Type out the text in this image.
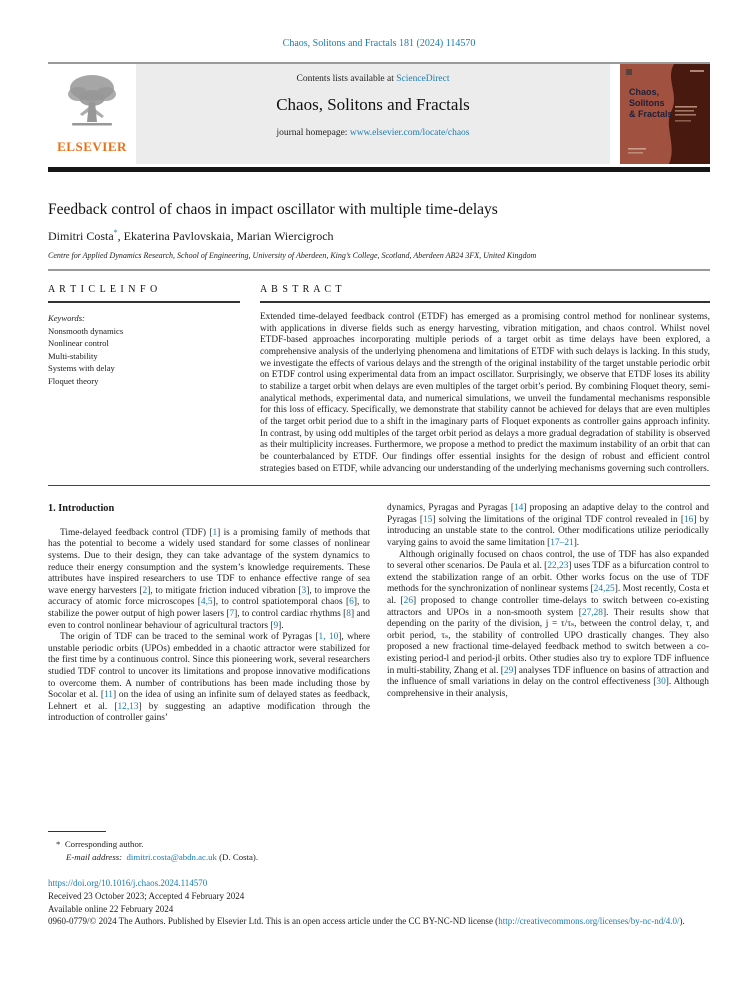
Chaos, Solitons and Fractals 181 (2024) 114570
ELSEVIER
Contents lists available at ScienceDirect
Chaos, Solitons and Fractals
journal homepage: www.elsevier.com/locate/chaos
Chaos,
Solitons
& Fractals
Feedback control of chaos in impact oscillator with multiple time-delays
Dimitri Costa*, Ekaterina Pavlovskaia, Marian Wiercigroch
Centre for Applied Dynamics Research, School of Engineering, University of Aberdeen, King’s College, Scotland, Aberdeen AB24 3FX, United Kingdom
A R T I C L E I N F O
Keywords:
Nonsmooth dynamics
Nonlinear control
Multi-stability
Systems with delay
Floquet theory
A B S T R A C T
Extended time-delayed feedback control (ETDF) has emerged as a promising control method for nonlinear systems, with applications in diverse fields such as energy harvesting, vibration mitigation, and chaos control. Whilst novel ETDF-based approaches incorporating multiple periods of a target orbit as time delays have been explored, a comprehensive analysis of the underlying phenomena and limitations of ETDF with such delays is lacking. In this study, we investigate the effects of various delays and the strength of the original instability of the target unstable periodic orbit on ETDF control using experimental data from an impact oscillator. Surprisingly, we observe that ETDF loses its ability to stabilize a target orbit when delays are even multiples of the target orbit’s period. By combining Floquet theory, semi-analytical methods, experimental data, and numerical simulations, we unveil the fundamental mechanisms responsible for this loss of efficacy. Specifically, we demonstrate that stability cannot be achieved for delays that are even multiples of the target orbit period due to a shift in the imaginary parts of Floquet exponents as controller gains approach infinity. In contrast, by using odd multiples of the target orbit period as delays a more gradual degradation of stability is observed as their multiplicity increases. Furthermore, we propose a method to predict the maximum instability of an orbit that can be counterbalanced by ETDF. Our findings offer essential insights for the design of robust and efficient control strategies based on ETDF, while advancing our understanding of the underlying mechanisms governing such controllers.
1. Introduction

Time-delayed feedback control (TDF) [1] is a promising family of methods that has the potential to become a widely used standard for some classes of nonlinear systems. Due to their design, they can take advantage of the system dynamics to reduce their energy consumption and the system’s knowledge requirements. These attributes have inspired researchers to use TDF to enhance effective range of sea wave energy harvesters [2], to mitigate friction induced vibration [3], to improve the accuracy of atomic force microscopes [4,5], to control spatiotemporal chaos [6], to stabilize the power output of high power lasers [7], to control cardiac rhythms [8] and even to control nonlinear behaviour of agricultural tractors [9].

The origin of TDF can be traced to the seminal work of Pyragas [1, 10], where unstable periodic orbits (UPOs) embedded in a chaotic attractor were stabilized for the first time by a continuous control. Since this pioneering work, several researchers studied TDF control to uncover its limitations and propose innovative modifications to overcome them. A number of contributions has been made including those by Socolar et al. [11] on the idea of using an infinite sum of delayed states as feedback, Lehnert et al. [12,13] by suggesting an adaptive modification through the introduction of controller gains’

dynamics, Pyragas and Pyragas [14] proposing an adaptive delay to the control and Pyragas [15] solving the limitations of the original TDF control revealed in [16] by introducing an unstable state to the control. Other modifications utilize periodically varying gains to avoid the same limitation [17–21].

Although originally focused on chaos control, the use of TDF has also expanded to several other scenarios. De Paula et al. [22,23] uses TDF as a bifurcation control to extend the stabilization range of an orbit. Other works focus on the use of TDF methods for the synchronization of nonlinear systems [24,25]. Most recently, Costa et al. [26] proposed to change controller time-delays to switch between co-existing attractors and UPOs in a non-smooth system [27,28]. Their results show that depending on the parity of the division, j = τ/τₛ, between the control delay, τ, and orbit period, τₛ, the stability of controlled UPO drastically changes. They also proposed a new fractional time-delayed feedback method to switch between a co-existing period-l and period-jl orbits. Other studies also try to explore TDF influence in multi-stability, Zhang et al. [29] analyses TDF influence on basins of attraction and the influence of small variations in delay on the control effectiveness [30]. Although comprehensive in their analysis,

* Corresponding author.
E-mail address: dimitri.costa@abdn.ac.uk (D. Costa).
https://doi.org/10.1016/j.chaos.2024.114570
Received 23 October 2023; Accepted 4 February 2024
Available online 22 February 2024
0960-0779/© 2024 The Authors. Published by Elsevier Ltd. This is an open access article under the CC BY-NC-ND license (http://creativecommons.org/licenses/by-nc-nd/4.0/).
